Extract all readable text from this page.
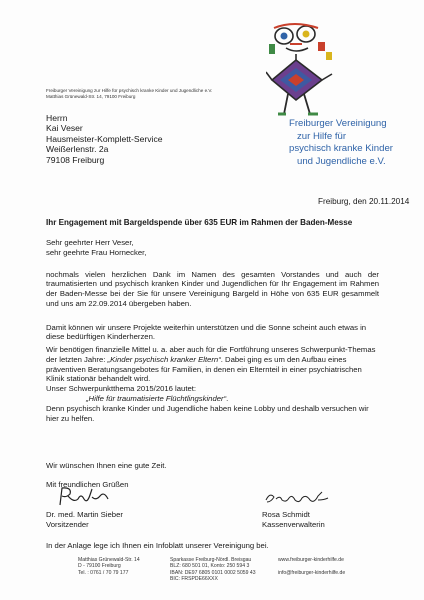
Freiburger Vereinigung zur Hilfe für psychisch kranke Kinder und Jugendliche e.V.
Matthias Grünewald-Str. 14, 79100 Freiburg
Herrn
Kai Veser
Hausmeister-Komplett-Service
Weißerlenstr. 2a
79108 Freiburg
Freiburger Vereinigung
zur Hilfe für
psychisch kranke Kinder
und Jugendliche e.V.
Freiburg, den 20.11.2014
Ihr Engagement mit Bargeldspende über 635 EUR im Rahmen der Baden-Messe
Sehr geehrter Herr Veser,
sehr geehrte Frau Hornecker,

nochmals vielen herzlichen Dank im Namen des gesamten Vorstandes und auch der traumatisierten und psychisch kranken Kinder und Jugendlichen für Ihr Engagement im Rahmen der Baden-Messe bei der Sie für unsere Vereinigung Bargeld in Höhe von 635 EUR gesammelt und uns am 22.09.2014 übergeben haben.

Damit können wir unsere Projekte weiterhin unterstützen und die Sonne scheint auch etwas in diese bedürftigen Kinderherzen.

Wir benötigen finanzielle Mittel u. a. aber auch für die Fortführung unseres Schwerpunkt-Themas der letzten Jahre: „Kinder psychisch kranker Eltern“. Dabei ging es um den Aufbau eines präventiven Beratungsangebotes für Familien, in denen ein Elternteil in einer psychiatrischen Klinik stationär behandelt wird.
Unser Schwerpunktthema 2015/2016 lautet:
„Hilfe für traumatisierte Flüchtlingskinder“.
Denn psychisch kranke Kinder und Jugendliche haben keine Lobby und deshalb versuchen wir hier zu helfen.

Wir wünschen Ihnen eine gute Zeit.

Mit freundlichen Grüßen

Dr. med. Martin Sieber
Vorsitzender
Rosa Schmidt
Kassenverwalterin
In der Anlage lege ich Ihnen ein Infoblatt unserer Vereinigung bei.
Matthias Grünewald-Str. 14
D - 79100 Freiburg
Tel. : 0761 / 70 79 177
Sparkasse Freiburg-Nördl. Breisgau
BLZ: 680 501 01, Konto: 250 594 3
IBAN: DE97 6805 0101 0002 5059 43
BIC: FRSPDE66XXX
www.freiburger-kinderhilfe.de

info@freiburger-kinderhilfe.de
